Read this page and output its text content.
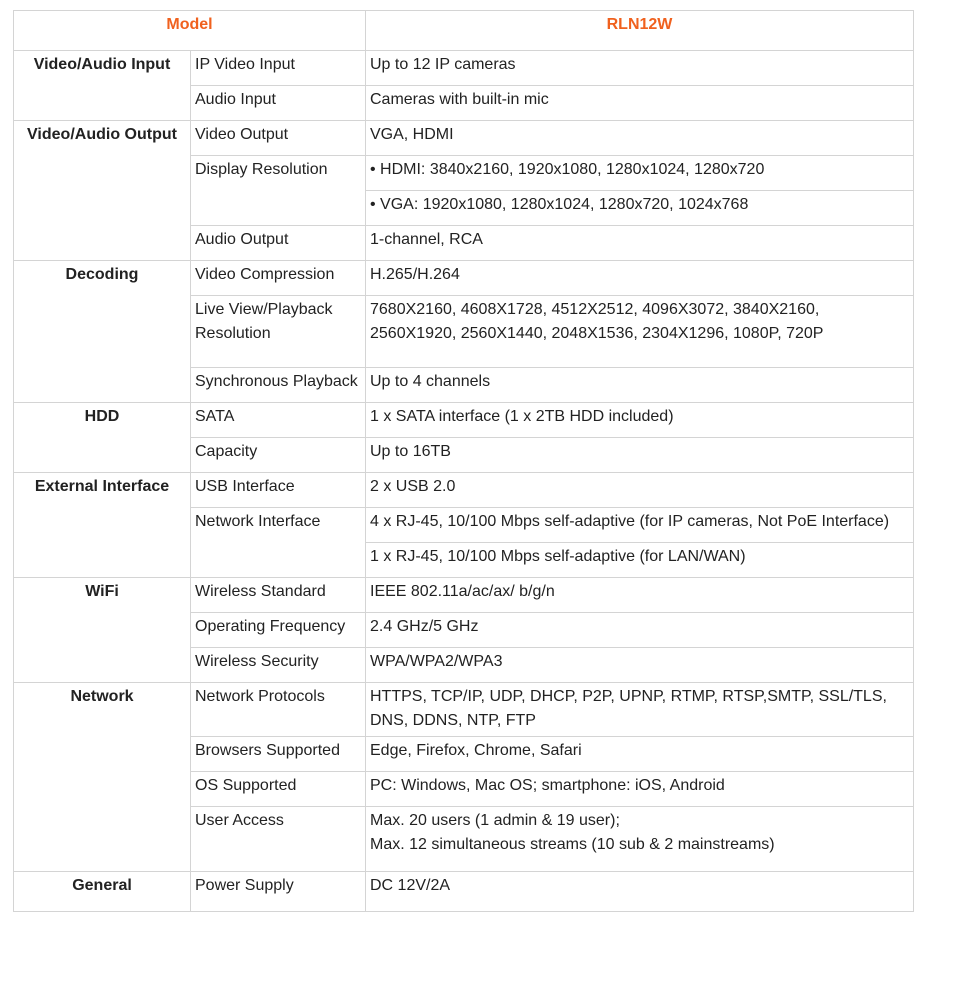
Model		RLN12W
Video/Audio Input	IP Video Input	Up to 12 IP cameras
	Audio Input	Cameras with built-in mic
Video/Audio Output	Video Output	VGA, HDMI
	Display Resolution	• HDMI: 3840x2160, 1920x1080, 1280x1024, 1280x720
		• VGA: 1920x1080, 1280x1024, 1280x720, 1024x768
	Audio Output	1-channel, RCA
Decoding	Video Compression	H.265/H.264
	Live View/Playback Resolution	7680X2160, 4608X1728, 4512X2512, 4096X3072, 3840X2160, 2560X1920, 2560X1440, 2048X1536, 2304X1296, 1080P, 720P
	Synchronous Playback	Up to 4 channels
HDD	SATA	1 x SATA interface (1 x 2TB HDD included)
	Capacity	Up to 16TB
External Interface	USB Interface	2 x USB 2.0
	Network Interface	4 x RJ-45, 10/100 Mbps self-adaptive (for IP cameras, Not PoE Interface)
		1 x RJ-45, 10/100 Mbps self-adaptive (for LAN/WAN)
WiFi	Wireless Standard	IEEE 802.11a/ac/ax/ b/g/n
	Operating Frequency	2.4 GHz/5 GHz
	Wireless Security	WPA/WPA2/WPA3
Network	Network Protocols	HTTPS, TCP/IP, UDP, DHCP, P2P, UPNP, RTMP, RTSP,SMTP, SSL/TLS, DNS, DDNS, NTP, FTP
	Browsers Supported	Edge, Firefox, Chrome, Safari
	OS Supported	PC: Windows, Mac OS; smartphone: iOS, Android
	User Access	Max. 20 users (1 admin & 19 user);
Max. 12 simultaneous streams (10 sub & 2 mainstreams)
General	Power Supply	DC 12V/2A
